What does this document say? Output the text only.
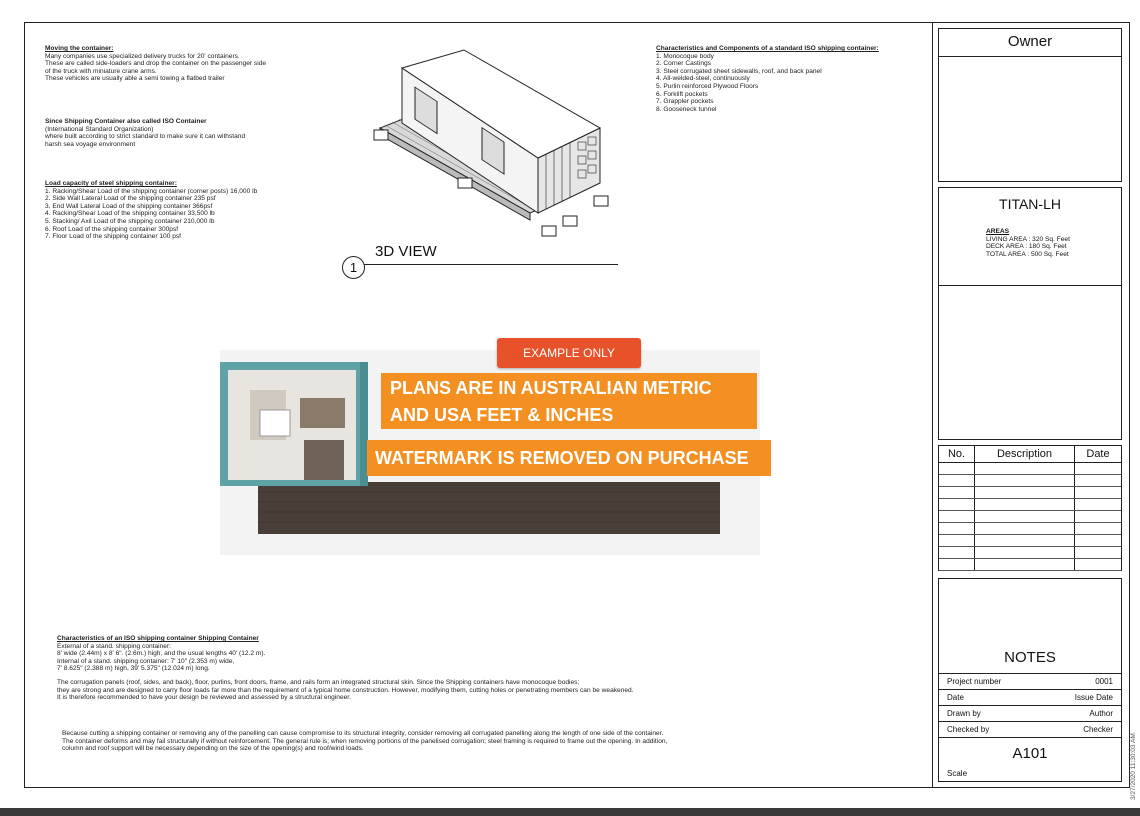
Moving the container:
Many companies use specialized delivery trucks for 20' containers.
These are called side-loaders and drop the container on the passenger side
of the truck with miniature crane arms.
These vehicles are usually able a semi towing a flatbed trailer
Since Shipping Container also called ISO Container
(International Standard Organization)
where built according to strict standard to make sure it can withstand
harsh sea voyage environment
Load capacity of steel shipping container:
1. Racking/Shear Load of the shipping container (corner posts) 16,000 lb
2. Side Wall Lateral Load of the shipping container 235 psf
3. End Wall Lateral Load of the shipping container 366psf
4. Racking/Shear Load of the shipping container 33,500 lb
5. Stacking/ Axil Load of the shipping container 210,000 lb
6. Roof Load of the shipping container 300psf
7. Floor Load of the shipping container 100 psf
Characteristics and Components of a standard ISO shipping container:
1. Monocoque body
2. Corner Castings
3. Steel corrugated sheet sidewalls, roof, and back panel
4. All-welded-steel, continuously
5. Purlin reinforced Plywood Floors
6. Forklift pockets
7. Grappler pockets
8. Gooseneck tunnel
1
3D VIEW
EXAMPLE ONLY
PLANS ARE IN AUSTRALIAN METRIC
AND USA FEET & INCHES
WATERMARK IS REMOVED ON PURCHASE
Characteristics of an ISO shipping container Shipping Container
External of a stand. shipping container:
8' wide (2.44m) x 8' 6". (2.6m.) high, and the usual lengths 40' (12.2 m).
Internal of a stand. shipping container: 7' 10" (2.353 m) wide,
7' 8.625" (2.388 m) high, 39' 5.375" (12.024 m) long.
The corrugation panels (roof, sides, and back), floor, purlins, front doors, frame, and rails form an integrated structural skin. Since the Shipping containers have monocoque bodies;
they are strong and are designed to carry floor loads far more than the requirement of a typical home construction. However, modifying them, cutting holes or penetrating members can be weakened.
It is therefore recommended to have your design be reviewed and assessed by a structural engineer.
Because cutting a shipping container or removing any of the panelling can cause compromise to its structural integrity, consider removing all corrugated panelling along the length of one side of the container.
The container deforms and may fail structurally if without reinforcement. The general rule is; when removing portions of the panelised corrugation; steel framing is required to frame out the opening. In addition,
column and roof support will be necessary depending on the size of the opening(s) and roof/wind loads.
Owner
TITAN-LH
AREAS
LIVING AREA : 320 Sq. Feet
DECK AREA : 180 Sq. Feet
TOTAL AREA : 500 Sq. Feet
No.	Description	Date

NOTES
Project number	0001
Date	Issue Date
Drawn by	Author
Checked by	Checker
A101
Scale	3/27/2020 11:30:03 AM
